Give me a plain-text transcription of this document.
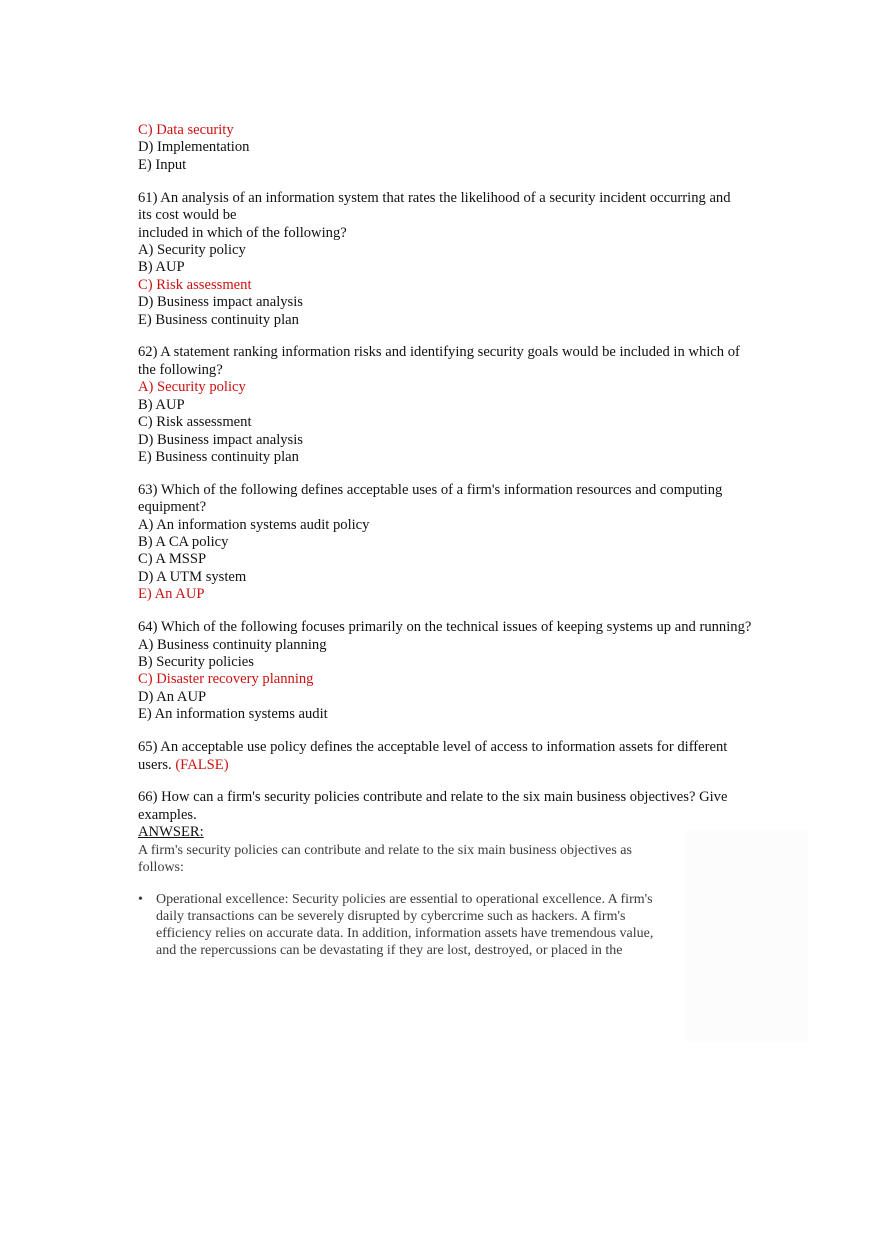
C) Data security
D) Implementation
E) Input
61) An analysis of an information system that rates the likelihood of a security incident occurring and
its cost would be
included in which of the following?
A) Security policy
B) AUP
C) Risk assessment
D) Business impact analysis
E) Business continuity plan
62) A statement ranking information risks and identifying security goals would be included in which of
the following?
A) Security policy
B) AUP
C) Risk assessment
D) Business impact analysis
E) Business continuity plan
63) Which of the following defines acceptable uses of a firm's information resources and computing
equipment?
A) An information systems audit policy
B) A CA policy
C) A MSSP
D) A UTM system
E) An AUP
64) Which of the following focuses primarily on the technical issues of keeping systems up and running?
A) Business continuity planning
B) Security policies
C) Disaster recovery planning
D) An AUP
E) An information systems audit
65) An acceptable use policy defines the acceptable level of access to information assets for different
users. (FALSE)
66) How can a firm's security policies contribute and relate to the six main business objectives? Give
examples.
ANWSER:
A firm's security policies can contribute and relate to the six main business objectives as
follows:
• Operational excellence: Security policies are essential to operational excellence. A firm's
daily transactions can be severely disrupted by cybercrime such as hackers. A firm's
efficiency relies on accurate data. In addition, information assets have tremendous value,
and the repercussions can be devastating if they are lost, destroyed, or placed in the
